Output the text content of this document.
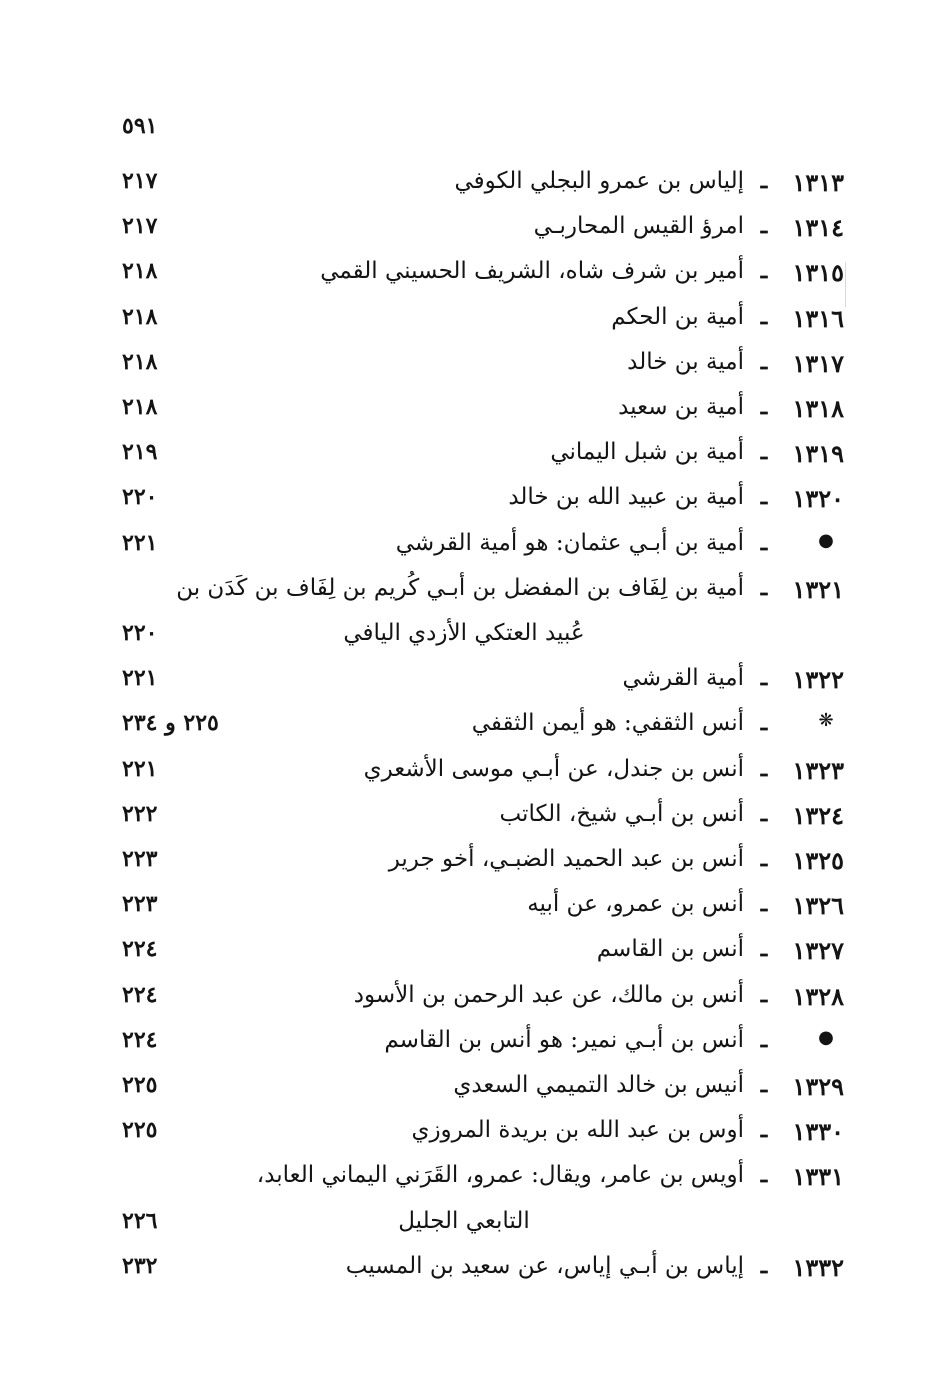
٥٩١
١٣١٣
ـ
إلياس بن عمرو البجلي الكوفي
٢١٧
١٣١٤
ـ
امرؤ القيس المحاربـي
٢١٧
١٣١٥
ـ
أمير بن شرف شاه، الشريف الحسيني القمي
٢١٨
١٣١٦
ـ
أمية بن الحكم
٢١٨
١٣١٧
ـ
أمية بن خالد
٢١٨
١٣١٨
ـ
أمية بن سعيد
٢١٨
١٣١٩
ـ
أمية بن شبل اليماني
٢١٩
١٣٢٠
ـ
أمية بن عبيد الله بن خالد
٢٢٠
●
ـ
أمية بن أبـي عثمان: هو أمية القرشي
٢٢١
١٣٢١
ـ
أمية بن لِفَاف بن المفضل بن أبـي كُريم بن لِفَاف بن كَدَن بن
عُبيد العتكي الأزدي اليافي
٢٢٠
١٣٢٢
ـ
أمية القرشي
٢٢١
❋
ـ
أنس الثقفي: هو أيمن الثقفي
٢٢٥ و ٢٣٤
١٣٢٣
ـ
أنس بن جندل، عن أبـي موسى الأشعري
٢٢١
١٣٢٤
ـ
أنس بن أبـي شيخ، الكاتب
٢٢٢
١٣٢٥
ـ
أنس بن عبد الحميد الضبـي، أخو جرير
٢٢٣
١٣٢٦
ـ
أنس بن عمرو، عن أبيه
٢٢٣
١٣٢٧
ـ
أنس بن القاسم
٢٢٤
١٣٢٨
ـ
أنس بن مالك، عن عبد الرحمن بن الأسود
٢٢٤
●
ـ
أنس بن أبـي نمير: هو أنس بن القاسم
٢٢٤
١٣٢٩
ـ
أنيس بن خالد التميمي السعدي
٢٢٥
١٣٣٠
ـ
أوس بن عبد الله بن بريدة المروزي
٢٢٥
١٣٣١
ـ
أويس بن عامر، ويقال: عمرو، القَرَني اليماني العابد،
التابعي الجليل
٢٢٦
١٣٣٢
ـ
إياس بن أبـي إياس، عن سعيد بن المسيب
٢٣٢
